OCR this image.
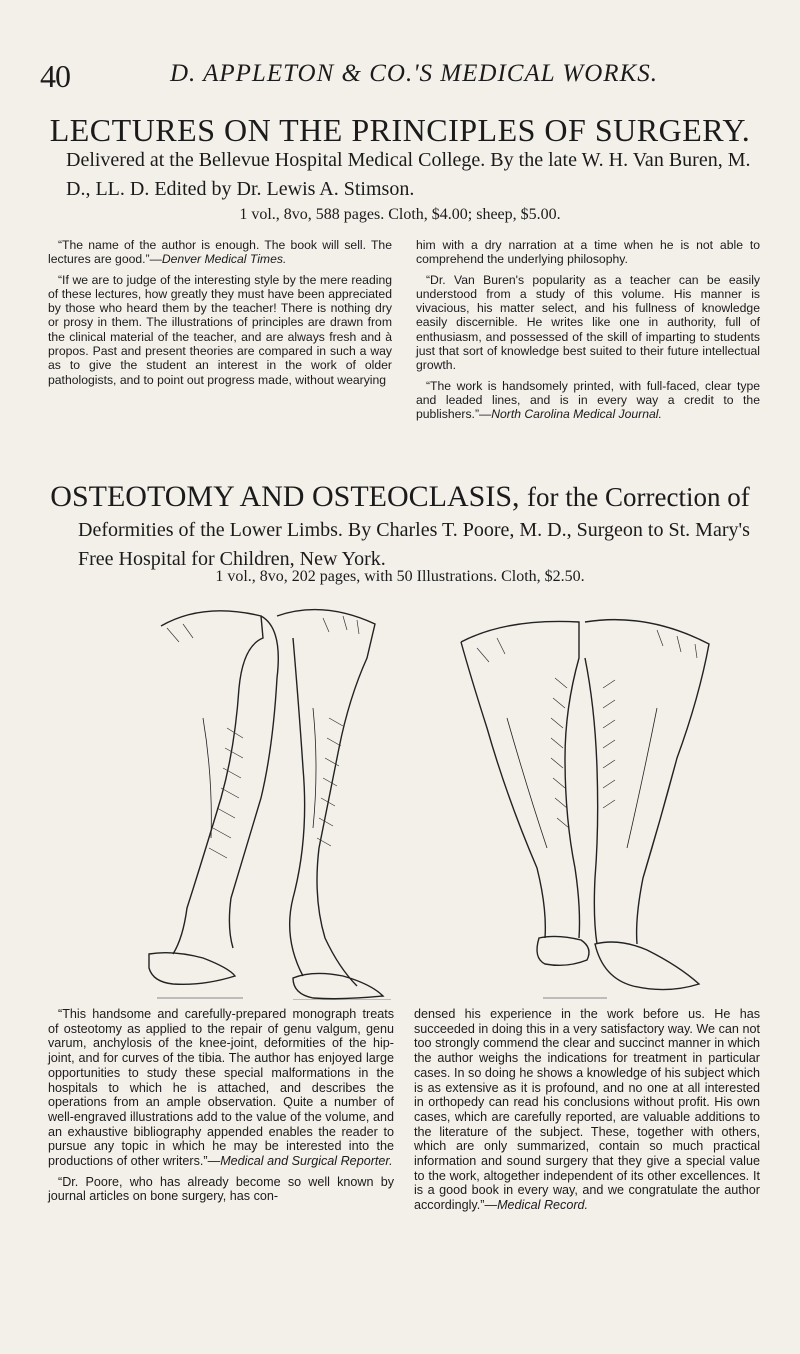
40	D. APPLETON & CO.'S MEDICAL WORKS.
LECTURES ON THE PRINCIPLES OF SURGERY.
Delivered at the Bellevue Hospital Medical College. By the late W. H. Van Buren, M. D., LL. D. Edited by Dr. Lewis A. Stimson.
1 vol., 8vo, 588 pages. Cloth, $4.00; sheep, $5.00.

“The name of the author is enough. The book will sell. The lectures are good.”—Denver Medical Times.

“If we are to judge of the interesting style by the mere reading of these lectures, how greatly they must have been appreciated by those who heard them by the teacher! There is nothing dry or prosy in them. The illustrations of principles are drawn from the clinical material of the teacher, and are always fresh and à propos. Past and present theories are compared in such a way as to give the student an interest in the work of older pathologists, and to point out progress made, without wearying

him with a dry narration at a time when he is not able to comprehend the underlying philosophy.

“Dr. Van Buren's popularity as a teacher can be easily understood from a study of this volume. His manner is vivacious, his matter select, and his fullness of knowledge easily discernible. He writes like one in authority, full of enthusiasm, and possessed of the skill of imparting to students just that sort of knowledge best suited to their future intellectual growth.

“The work is handsomely printed, with full-faced, clear type and leaded lines, and is in every way a credit to the publishers.”—North Carolina Medical Journal.

OSTEOTOMY AND OSTEOCLASIS, for the Correction of
Deformities of the Lower Limbs. By Charles T. Poore, M. D., Surgeon to St. Mary's Free Hospital for Children, New York.
1 vol., 8vo, 202 pages, with 50 Illustrations. Cloth, $2.50.

“This handsome and carefully-prepared monograph treats of osteotomy as applied to the repair of genu valgum, genu varum, anchylosis of the knee-joint, deformities of the hip-joint, and for curves of the tibia. The author has enjoyed large opportunities to study these special malformations in the hospitals to which he is attached, and describes the operations from an ample observation. Quite a number of well-engraved illustrations add to the value of the volume, and an exhaustive bibliography appended enables the reader to pursue any topic in which he may be interested into the productions of other writers.”—Medical and Surgical Reporter.

“Dr. Poore, who has already become so well known by journal articles on bone surgery, has con-

densed his experience in the work before us. He has succeeded in doing this in a very satisfactory way. We can not too strongly commend the clear and succinct manner in which the author weighs the indications for treatment in particular cases. In so doing he shows a knowledge of his subject which is as extensive as it is profound, and no one at all interested in orthopedy can read his conclusions without profit. His own cases, which are carefully reported, are valuable additions to the literature of the subject. These, together with others, which are only summarized, contain so much practical information and sound surgery that they give a special value to the work, altogether independent of its other excellences. It is a good book in every way, and we congratulate the author accordingly.”—Medical Record.
